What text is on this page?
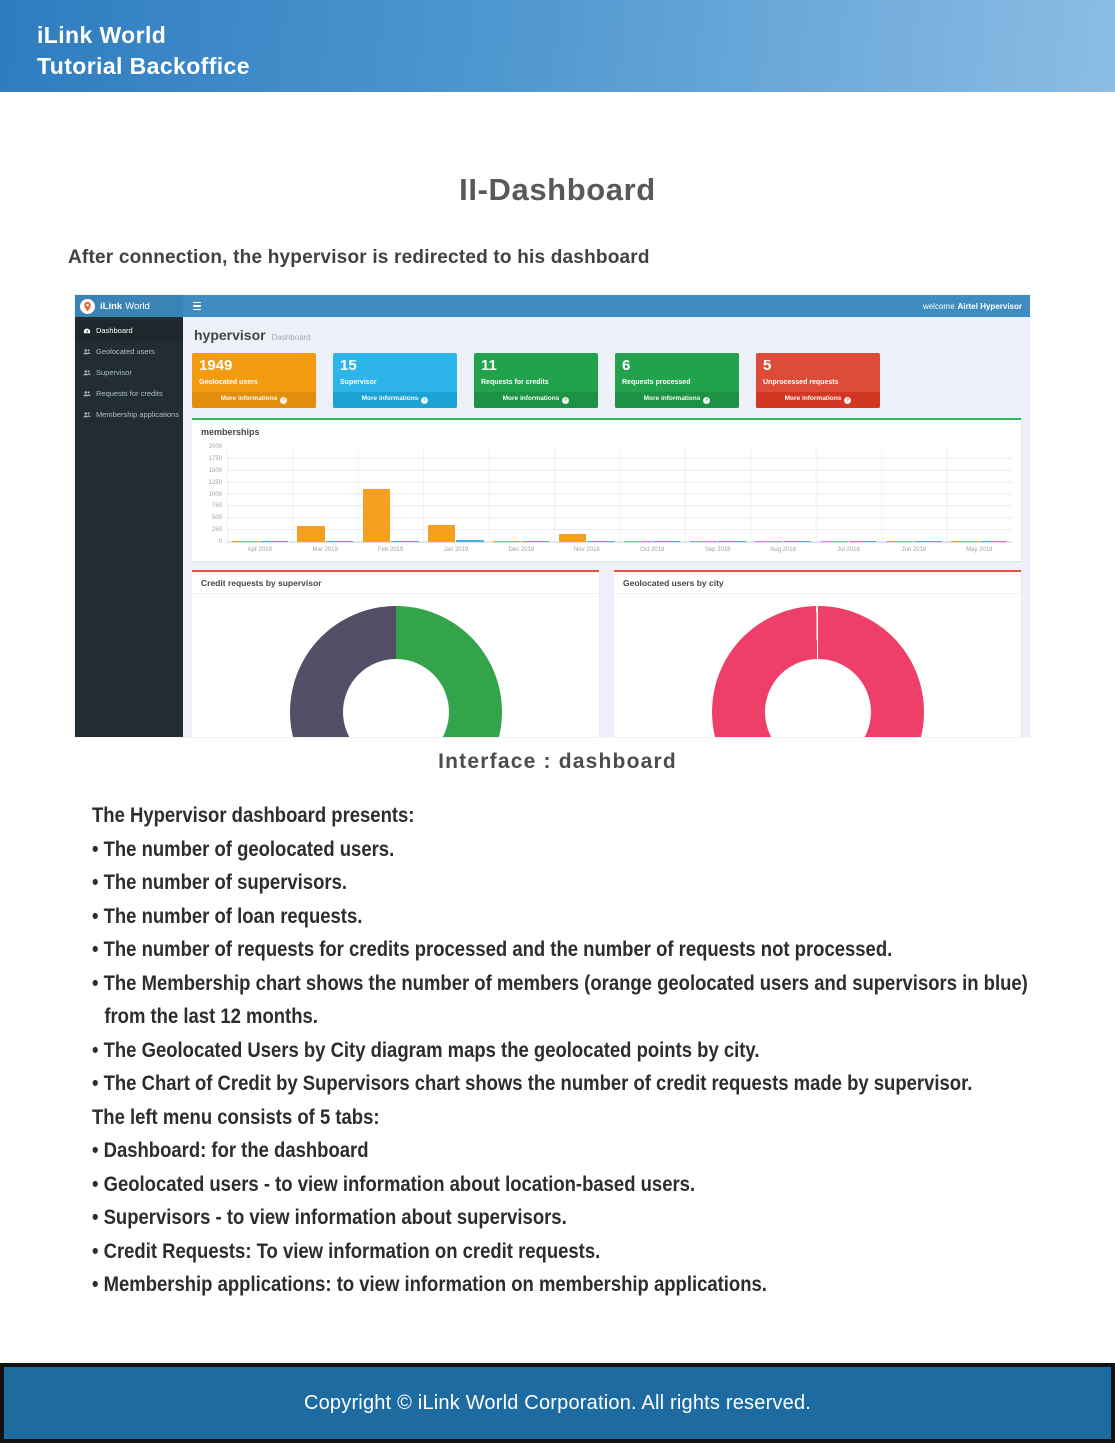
iLink World
Tutorial Backoffice
II-Dashboard
After connection, the hypervisor is redirected to his dashboard
iLink World	welcome Airtel Hypervisor
Dashboard
Geolocated users
Supervisor
Requests for credits
Membership applications
hypervisor Dashboard
1949
Geolocated users
More informations ›
15
Supervisor
More informations ›
11
Requests for credits
More informations ›
6
Requests processed
More informations ›
5
Unprocessed requests
More informations ›
memberships
0
250
500
750
1000
1250
1500
1750
2000
Apr 2019	Mar 2019	Feb 2019	Jan 2019	Dec 2018	Nov 2018	Oct 2018	Sep 2018	Aug 2018	Jul 2018	Jun 2018	May 2018
Credit requests by supervisor	Geolocated users by city
Interface : dashboard
The Hypervisor dashboard presents:
• The number of geolocated users.
• The number of supervisors.
• The number of loan requests.
• The number of requests for credits processed and the number of requests not processed.
• The Membership chart shows the number of members (orange geolocated users and supervisors in blue)
from the last 12 months.
• The Geolocated Users by City diagram maps the geolocated points by city.
• The Chart of Credit by Supervisors chart shows the number of credit requests made by supervisor.
The left menu consists of 5 tabs:
• Dashboard: for the dashboard
• Geolocated users - to view information about location-based users.
• Supervisors - to view information about supervisors.
• Credit Requests: To view information on credit requests.
• Membership applications: to view information on membership applications.
Copyright © iLink World Corporation. All rights reserved.
